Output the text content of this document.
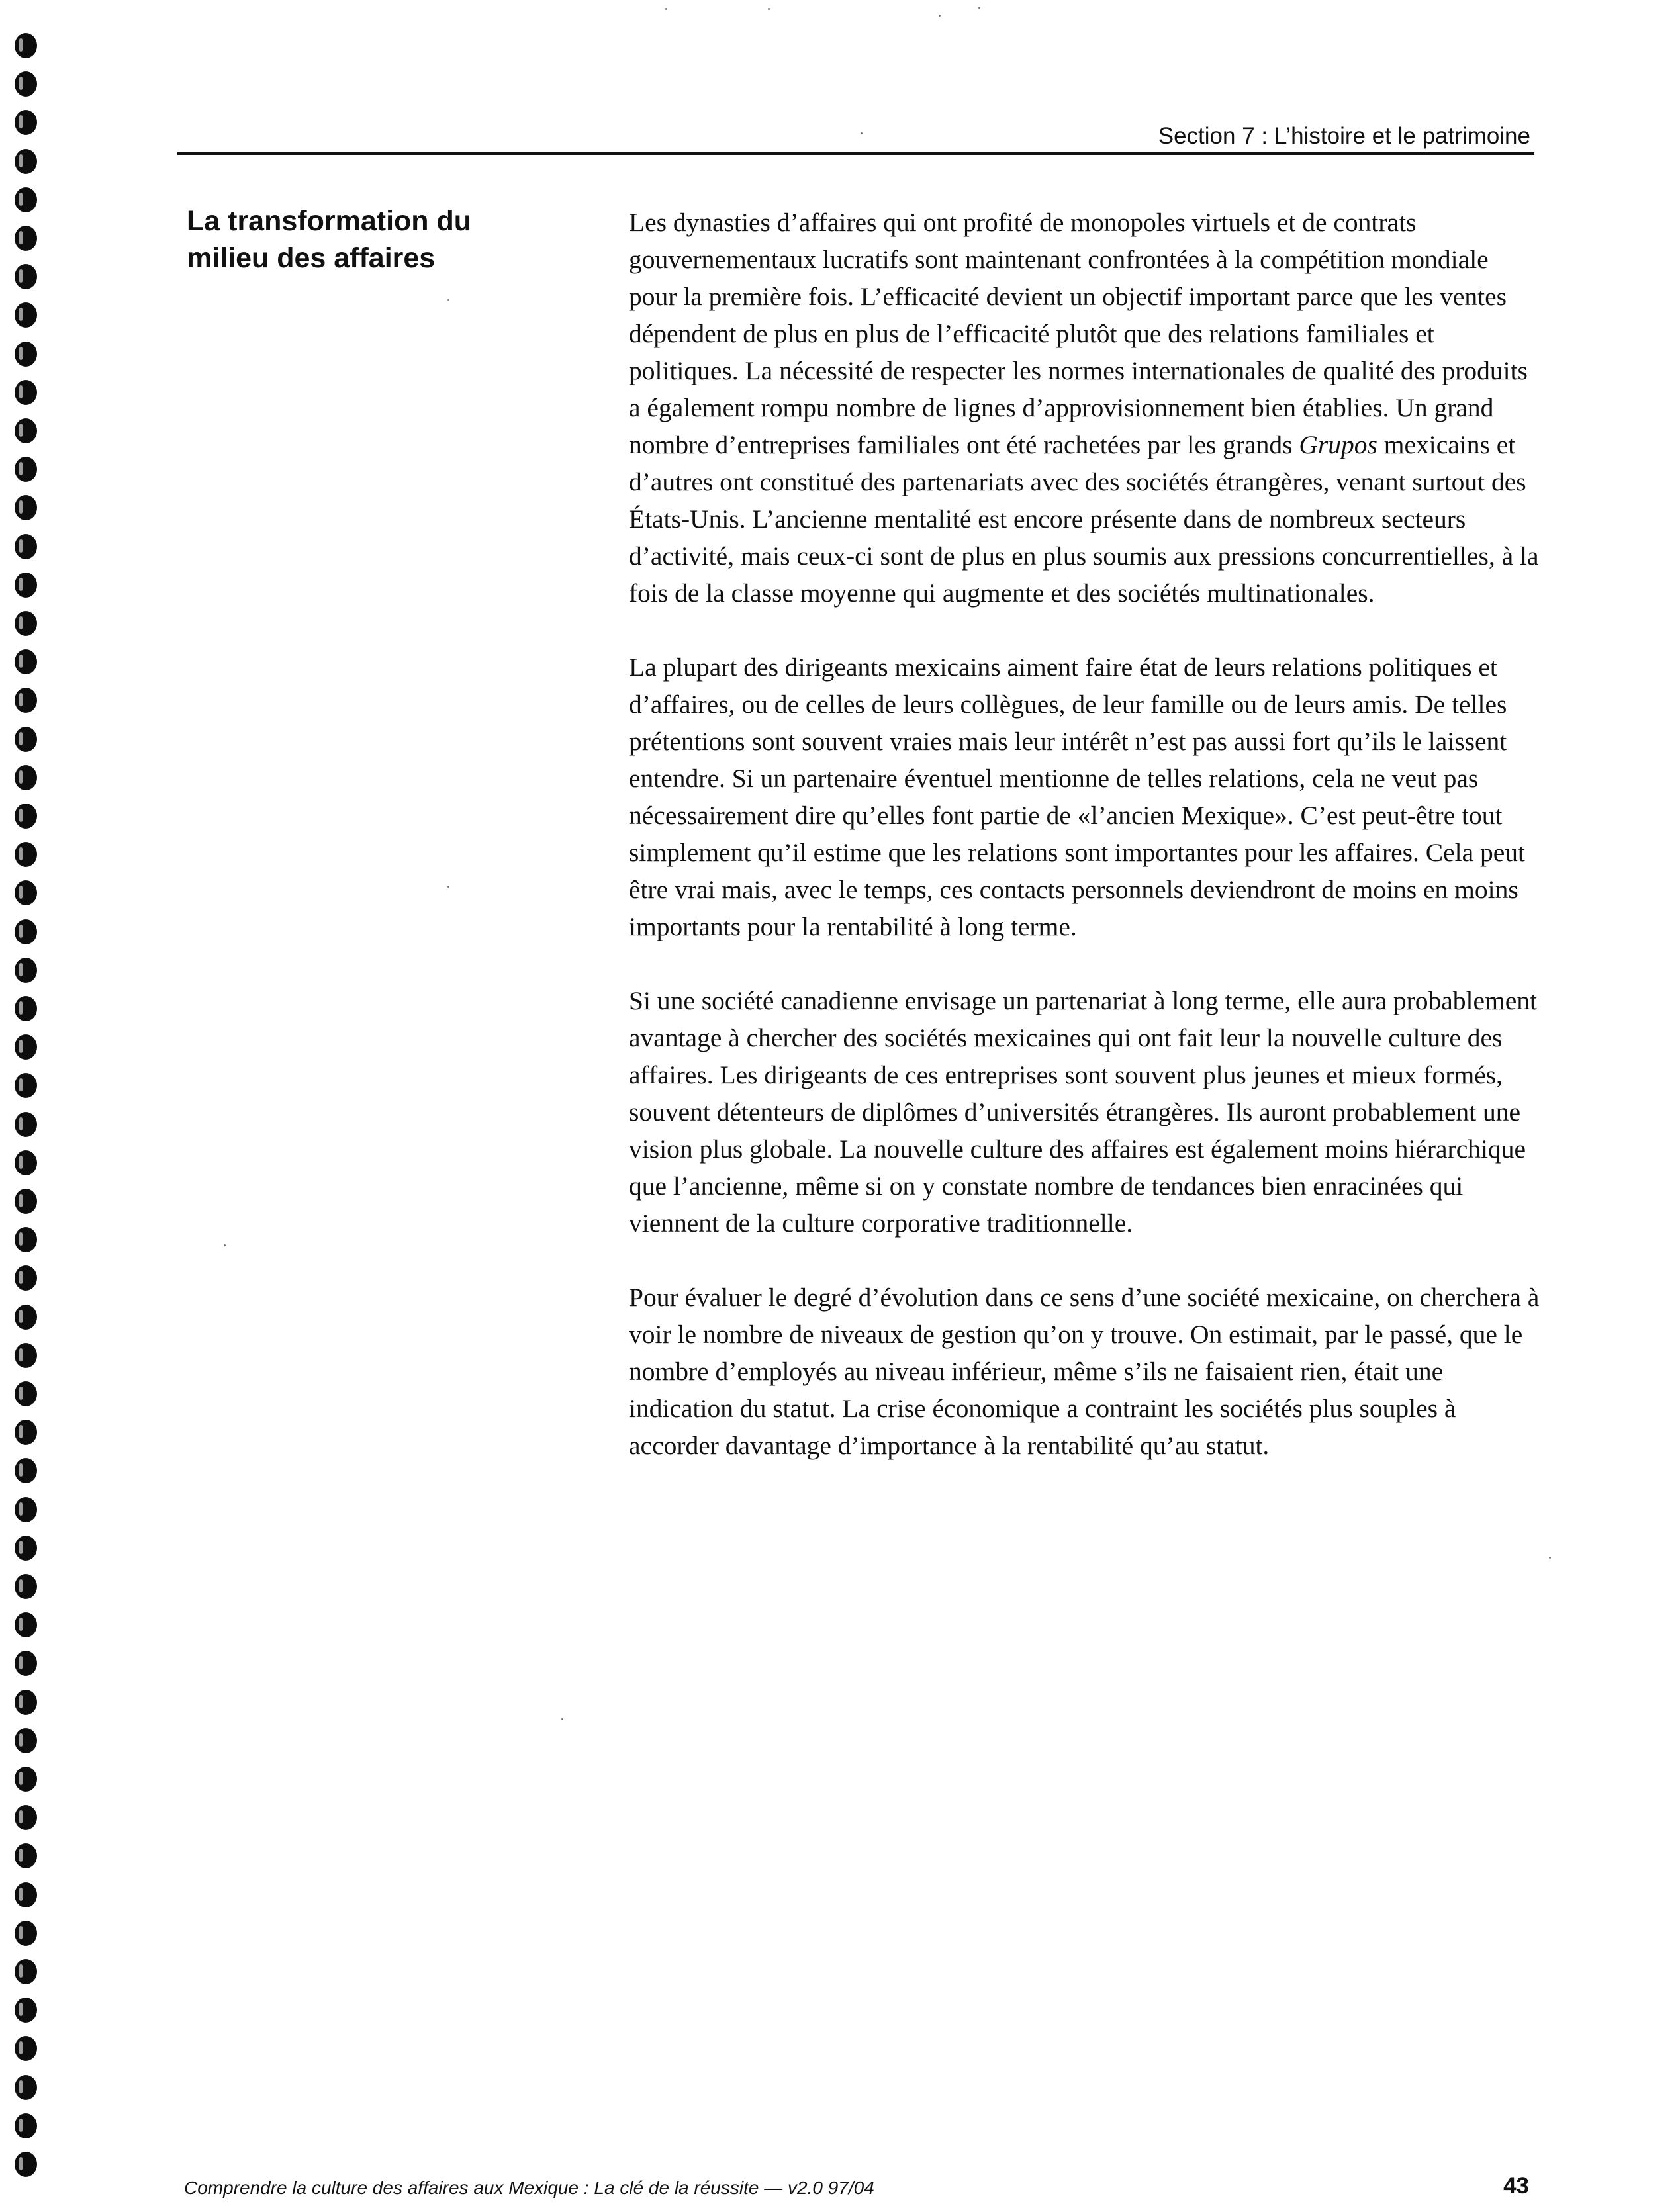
Section 7 : L’histoire et le patrimoine
La transformation du milieu des affaires

Les dynasties d’affaires qui ont profité de monopoles virtuels et de contrats gouvernementaux lucratifs sont maintenant confrontées à la compétition mondiale pour la première fois. L’efficacité devient un objectif important parce que les ventes dépendent de plus en plus de l’efficacité plutôt que des relations familiales et politiques. La nécessité de respecter les normes internationales de qualité des produits a également rompu nombre de lignes d’approvisionnement bien établies. Un grand nombre d’entreprises familiales ont été rachetées par les grands Grupos mexicains et d’autres ont constitué des partenariats avec des sociétés étrangères, venant surtout des États-Unis. L’ancienne mentalité est encore présente dans de nombreux secteurs d’activité, mais ceux-ci sont de plus en plus soumis aux pressions concurrentielles, à la fois de la classe moyenne qui augmente et des sociétés multinationales.

La plupart des dirigeants mexicains aiment faire état de leurs relations politiques et d’affaires, ou de celles de leurs collègues, de leur famille ou de leurs amis. De telles prétentions sont souvent vraies mais leur intérêt n’est pas aussi fort qu’ils le laissent entendre. Si un partenaire éventuel mentionne de telles relations, cela ne veut pas nécessairement dire qu’elles font partie de «l’ancien Mexique». C’est peut-être tout simplement qu’il estime que les relations sont importantes pour les affaires. Cela peut être vrai mais, avec le temps, ces contacts personnels deviendront de moins en moins importants pour la rentabilité à long terme.

Si une société canadienne envisage un partenariat à long terme, elle aura probablement avantage à chercher des sociétés mexicaines qui ont fait leur la nouvelle culture des affaires. Les dirigeants de ces entreprises sont souvent plus jeunes et mieux formés, souvent détenteurs de diplômes d’universités étrangères. Ils auront probablement une vision plus globale. La nouvelle culture des affaires est également moins hiérarchique que l’ancienne, même si on y constate nombre de tendances bien enracinées qui viennent de la culture corporative traditionnelle.

Pour évaluer le degré d’évolution dans ce sens d’une société mexicaine, on cherchera à voir le nombre de niveaux de gestion qu’on y trouve. On estimait, par le passé, que le nombre d’employés au niveau inférieur, même s’ils ne faisaient rien, était une indication du statut. La crise économique a contraint les sociétés plus souples à accorder davantage d’importance à la rentabilité qu’au statut.

Comprendre la culture des affaires aux Mexique : La clé de la réussite — v2.0 97/04	43
